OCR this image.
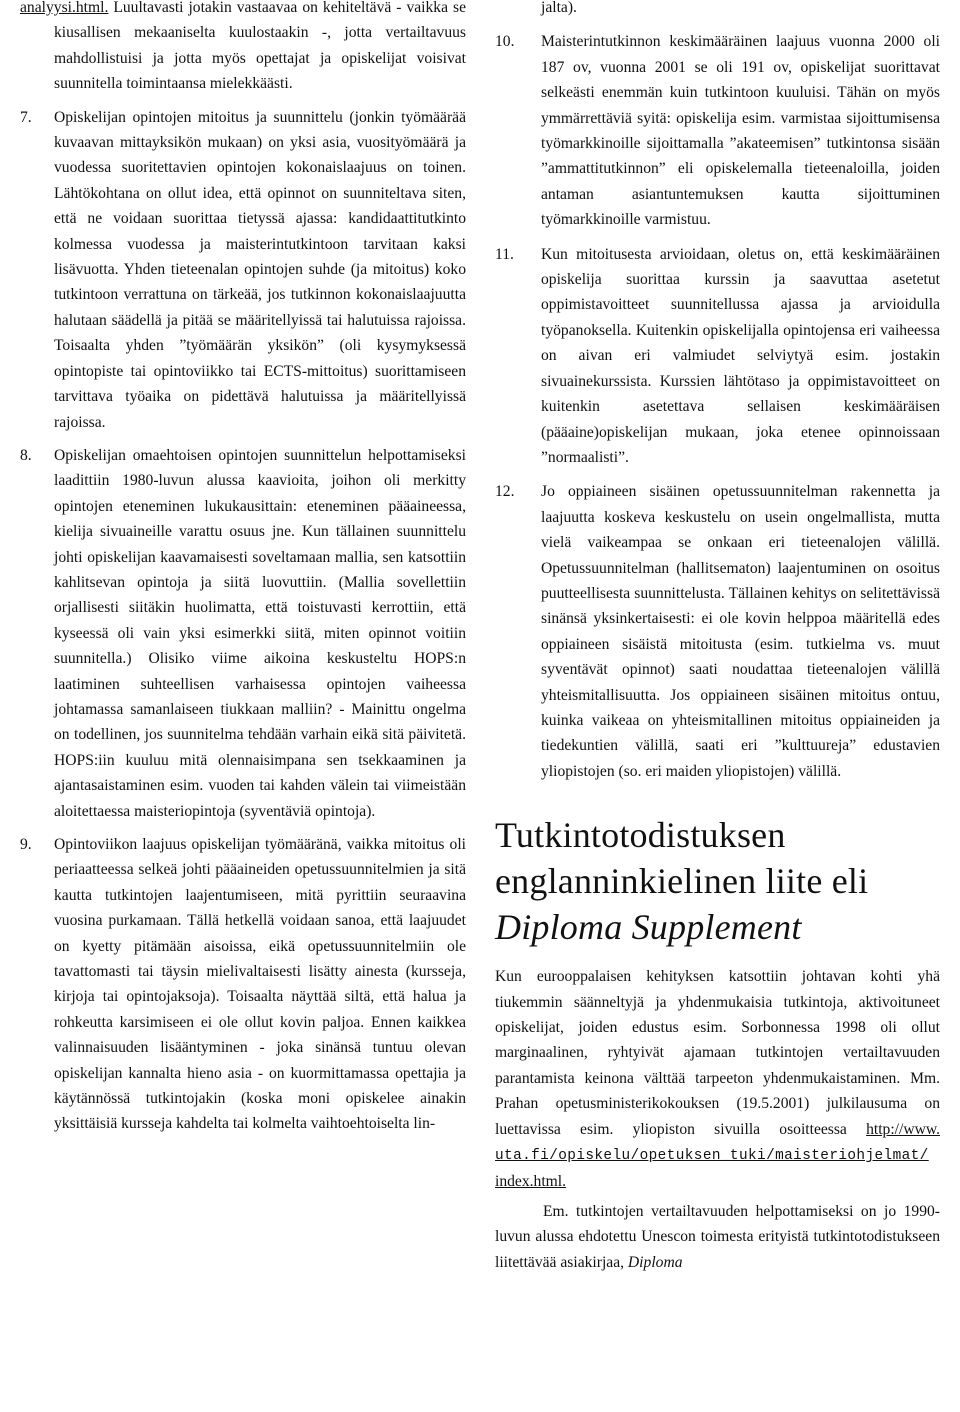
analyysi.html. Luultavasti jotakin vastaavaa on kehiteltävä - vaikka se kiusallisen mekaaniselta kuulostaakin -, jotta vertailtavuus mahdollistuisi ja jotta myös opettajat ja opiskelijat voisivat suunnitella toimintaansa mielekkäästi.

7. Opiskelijan opintojen mitoitus ja suunnittelu (jonkin työmäärää kuvaavan mittayksikön mukaan) on yksi asia, vuosityömäärä ja vuodessa suoritettavien opintojen kokonaislaajuus on toinen. Lähtökohtana on ollut idea, että opinnot on suunniteltava siten, että ne voidaan suorittaa tietyssä ajassa: kandidaattitutkinto kolmessa vuodessa ja maisterintutkintoon tarvitaan kaksi lisävuotta. Yhden tieteenalan opintojen suhde (ja mitoitus) koko tutkintoon verrattuna on tärkeää, jos tutkinnon kokonaislaajuutta halutaan säädellä ja pitää se määritellyissä tai halutuissa rajoissa. Toisaalta yhden ”työmäärän yksikön” (oli kysymyksessä opintopiste tai opintoviikko tai ECTS-mittoitus) suorittamiseen tarvittava työaika on pidettävä halutuissa ja määritellyissä rajoissa.
8. Opiskelijan omaehtoisen opintojen suunnittelun helpottamiseksi laadittiin 1980-luvun alussa kaavioita, joihon oli merkitty opintojen eteneminen lukukausittain: eteneminen pääaineessa, kielija sivuaineille varattu osuus jne. Kun tällainen suunnittelu johti opiskelijan kaavamaisesti soveltamaan mallia, sen katsottiin kahlitsevan opintoja ja siitä luovuttiin. (Mallia sovellettiin orjallisesti siitäkin huolimatta, että toistuvasti kerrottiin, että kyseessä oli vain yksi esimerkki siitä, miten opinnot voitiin suunnitella.) Olisiko viime aikoina keskusteltu HOPS:n laatiminen suhteellisen varhaisessa opintojen vaiheessa johtamassa samanlaiseen tiukkaan malliin? - Mainittu ongelma on todellinen, jos suunnitelma tehdään varhain eikä sitä päivitetä. HOPS:iin kuuluu mitä olennaisimpana sen tsekkaaminen ja ajantasaistaminen esim. vuoden tai kahden välein tai viimeistään aloitettaessa maisteriopintoja (syventäviä opintoja).
9. Opintoviikon laajuus opiskelijan työmääränä, vaikka mitoitus oli periaatteessa selkeä johti pääaineiden opetussuunnitelmien ja sitä kautta tutkintojen laajentumiseen, mitä pyrittiin seuraavina vuosina purkamaan. Tällä hetkellä voidaan sanoa, että laajuudet on kyetty pitämään aisoissa, eikä opetussuunnitelmiin ole tavattomasti tai täysin mielivaltaisesti lisätty ainesta (kursseja, kirjoja tai opintojaksoja). Toisaalta näyttää siltä, että halua ja rohkeutta karsimiseen ei ole ollut kovin paljoa. Ennen kaikkea valinnaisuuden lisääntyminen - joka sinänsä tuntuu olevan opiskelijan kannalta hieno asia - on kuormittamassa opettajia ja käytännössä tutkintojakin (koska moni opiskelee ainakin yksittäisiä kursseja kahdelta tai kolmelta vaihtoehtoiselta lin-

jalta).

10. Maisterintutkinnon keskimääräinen laajuus vuonna 2000 oli 187 ov, vuonna 2001 se oli 191 ov, opiskelijat suorittavat selkeästi enemmän kuin tutkintoon kuuluisi. Tähän on myös ymmärrettäviä syitä: opiskelija esim. varmistaa sijoittumisensa työmarkkinoille sijoittamalla ”akateemisen” tutkintonsa sisään ”ammattitutkinnon” eli opiskelemalla tieteenaloilla, joiden antaman asiantuntemuksen kautta sijoittuminen työmarkkinoille varmistuu.
11. Kun mitoitusesta arvioidaan, oletus on, että keskimääräinen opiskelija suorittaa kurssin ja saavuttaa asetetut oppimistavoitteet suunnitellussa ajassa ja arvioidulla työpanoksella. Kuitenkin opiskelijalla opintojensa eri vaiheessa on aivan eri valmiudet selviytyä esim. jostakin sivuainekurssista. Kurssien lähtötaso ja oppimistavoitteet on kuitenkin asetettava sellaisen keskimääräisen (pääaine)opiskelijan mukaan, joka etenee opinnoissaan ”normaalisti”.
12. Jo oppiaineen sisäinen opetussuunnitelman rakennetta ja laajuutta koskeva keskustelu on usein ongelmallista, mutta vielä vaikeampaa se onkaan eri tieteenalojen välillä. Opetussuunnitelman (hallitsematon) laajentuminen on osoitus puutteellisesta suunnittelusta. Tällainen kehitys on selitettävissä sinänsä yksinkertaisesti: ei ole kovin helppoa määritellä edes oppiaineen sisäistä mitoitusta (esim. tutkielma vs. muut syventävät opinnot) saati noudattaa tieteenalojen välillä yhteismitallisuutta. Jos oppiaineen sisäinen mitoitus ontuu, kuinka vaikeaa on yhteismitallinen mitoitus oppiaineiden ja tiedekuntien välillä, saati eri ”kulttuureja” edustavien yliopistojen (so. eri maiden yliopistojen) välillä.
Tutkintotodistuksen
englanninkielinen liite eli
Diploma Supplement

Kun eurooppalaisen kehityksen katsottiin johtavan kohti yhä tiukemmin säänneltyjä ja yhdenmukaisia tutkintoja, aktivoituneet opiskelijat, joiden edustus esim. Sorbonnessa 1998 oli ollut marginaalinen, ryhtyivät ajamaan tutkintojen vertailtavuuden parantamista keinona välttää tarpeeton yhdenmukaistaminen. Mm. Prahan opetusministerikokouksen (19.5.2001) julkilausuma on luettavissa esim. yliopiston sivuilla osoitteessa http://www. uta.fi/opiskelu/opetuksen_tuki/maisteriohjelmat/ index.html.

Em. tutkintojen vertailtavuuden helpottamiseksi on jo 1990-luvun alussa ehdotettu Unescon toimesta erityistä tutkintotodistukseen liitettävää asiakirjaa, Diploma
